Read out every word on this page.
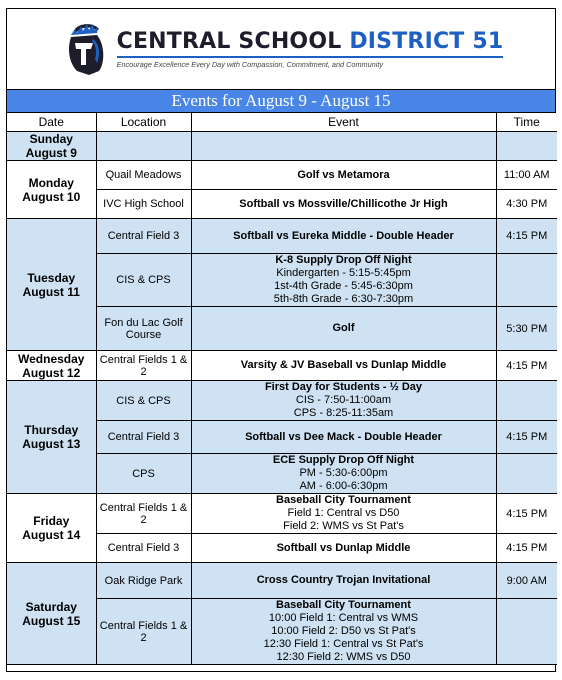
CENTRAL SCHOOL DISTRICT 51
Encourage Excellence Every Day with Compassion, Commitment, and Community
Events for August 9 - August 15
Date	Location	Event	Time

Sunday
August 9			

Monday
August 10	Quail Meadows	Golf vs Metamora	11:00 AM
	IVC High School	Softball vs Mossville/Chillicothe Jr High	4:30 PM

Tuesday
August 11	Central Field 3	Softball vs Eureka Middle - Double Header	4:15 PM
	CIS & CPS	K-8 Supply Drop Off Night
Kindergarten - 5:15-5:45pm
1st-4th Grade - 5:45-6:30pm
5th-8th Grade - 6:30-7:30pm	

	Fon du Lac Golf Course	Golf	5:30 PM

Wednesday
August 12	Central Fields 1 & 2	Varsity & JV Baseball vs Dunlap Middle	4:15 PM

Thursday
August 13	CIS & CPS	First Day for Students - ½ Day
CIS - 7:50-11:00am
CPS - 8:25-11:35am	

	Central Field 3	Softball vs Dee Mack - Double Header	4:15 PM
	CPS	ECE Supply Drop Off Night
PM - 5:30-6:00pm
AM - 6:00-6:30pm	

Friday
August 14	Central Fields 1 & 2	Baseball City Tournament
Field 1: Central vs D50
Field 2: WMS vs St Pat's	4:15 PM
	Central Field 3	Softball vs Dunlap Middle	4:15 PM

Saturday
August 15	Oak Ridge Park	Cross Country Trojan Invitational	9:00 AM
	Central Fields 1 & 2	Baseball City Tournament
10:00 Field 1: Central vs WMS
10:00 Field 2: D50 vs St Pat's
12:30 Field 1: Central vs St Pat's
12:30 Field 2: WMS vs D50	
